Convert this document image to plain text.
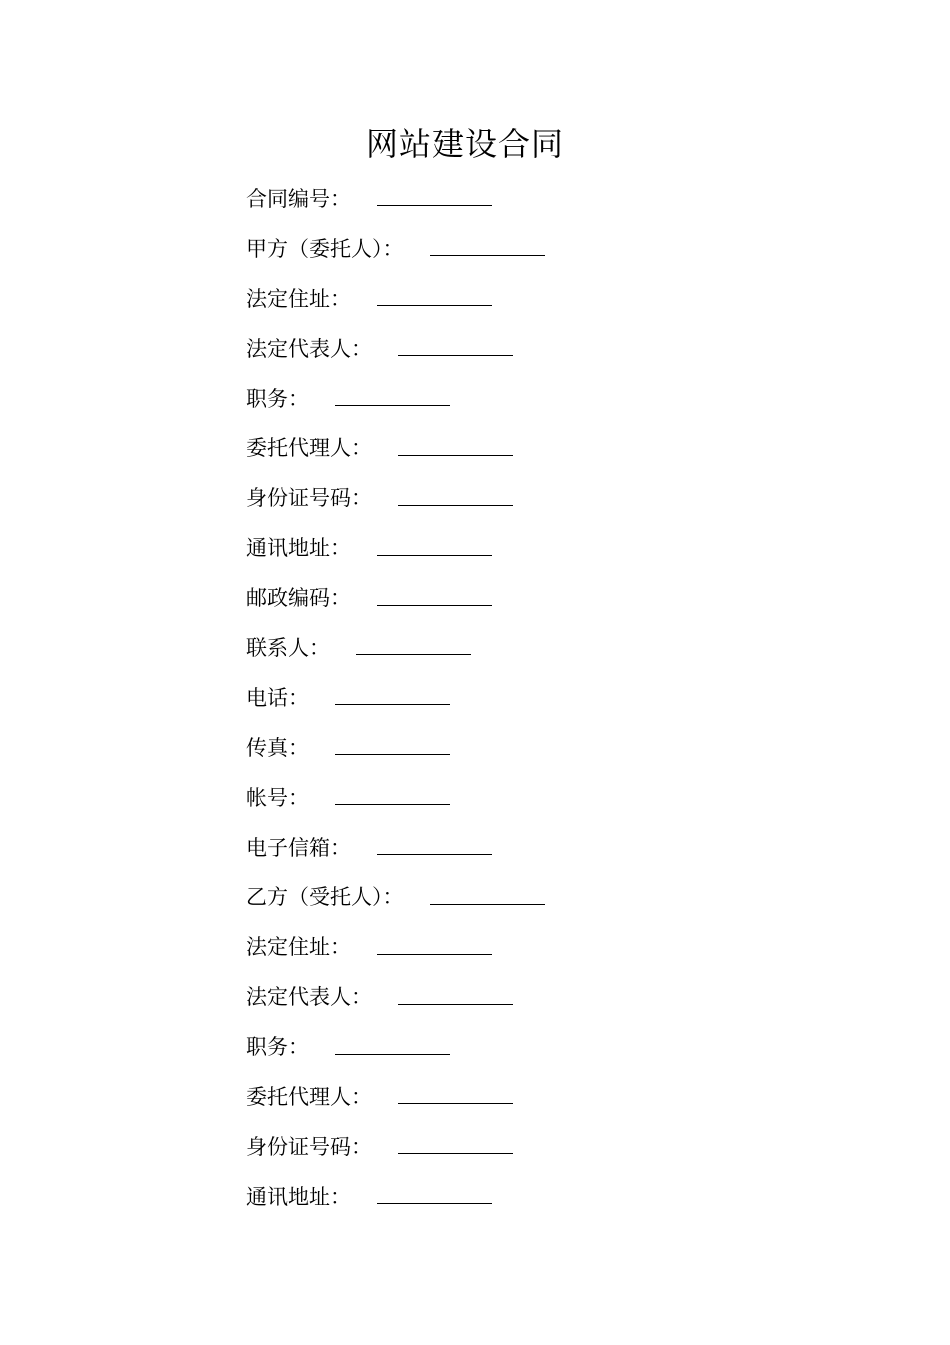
网站建设合同
合同编号：
甲方（委托人）：
法定住址：
法定代表人：
职务：
委托代理人：
身份证号码：
通讯地址：
邮政编码：
联系人：
电话：
传真：
帐号：
电子信箱：
乙方（受托人）：
法定住址：
法定代表人：
职务：
委托代理人：
身份证号码：
通讯地址：
